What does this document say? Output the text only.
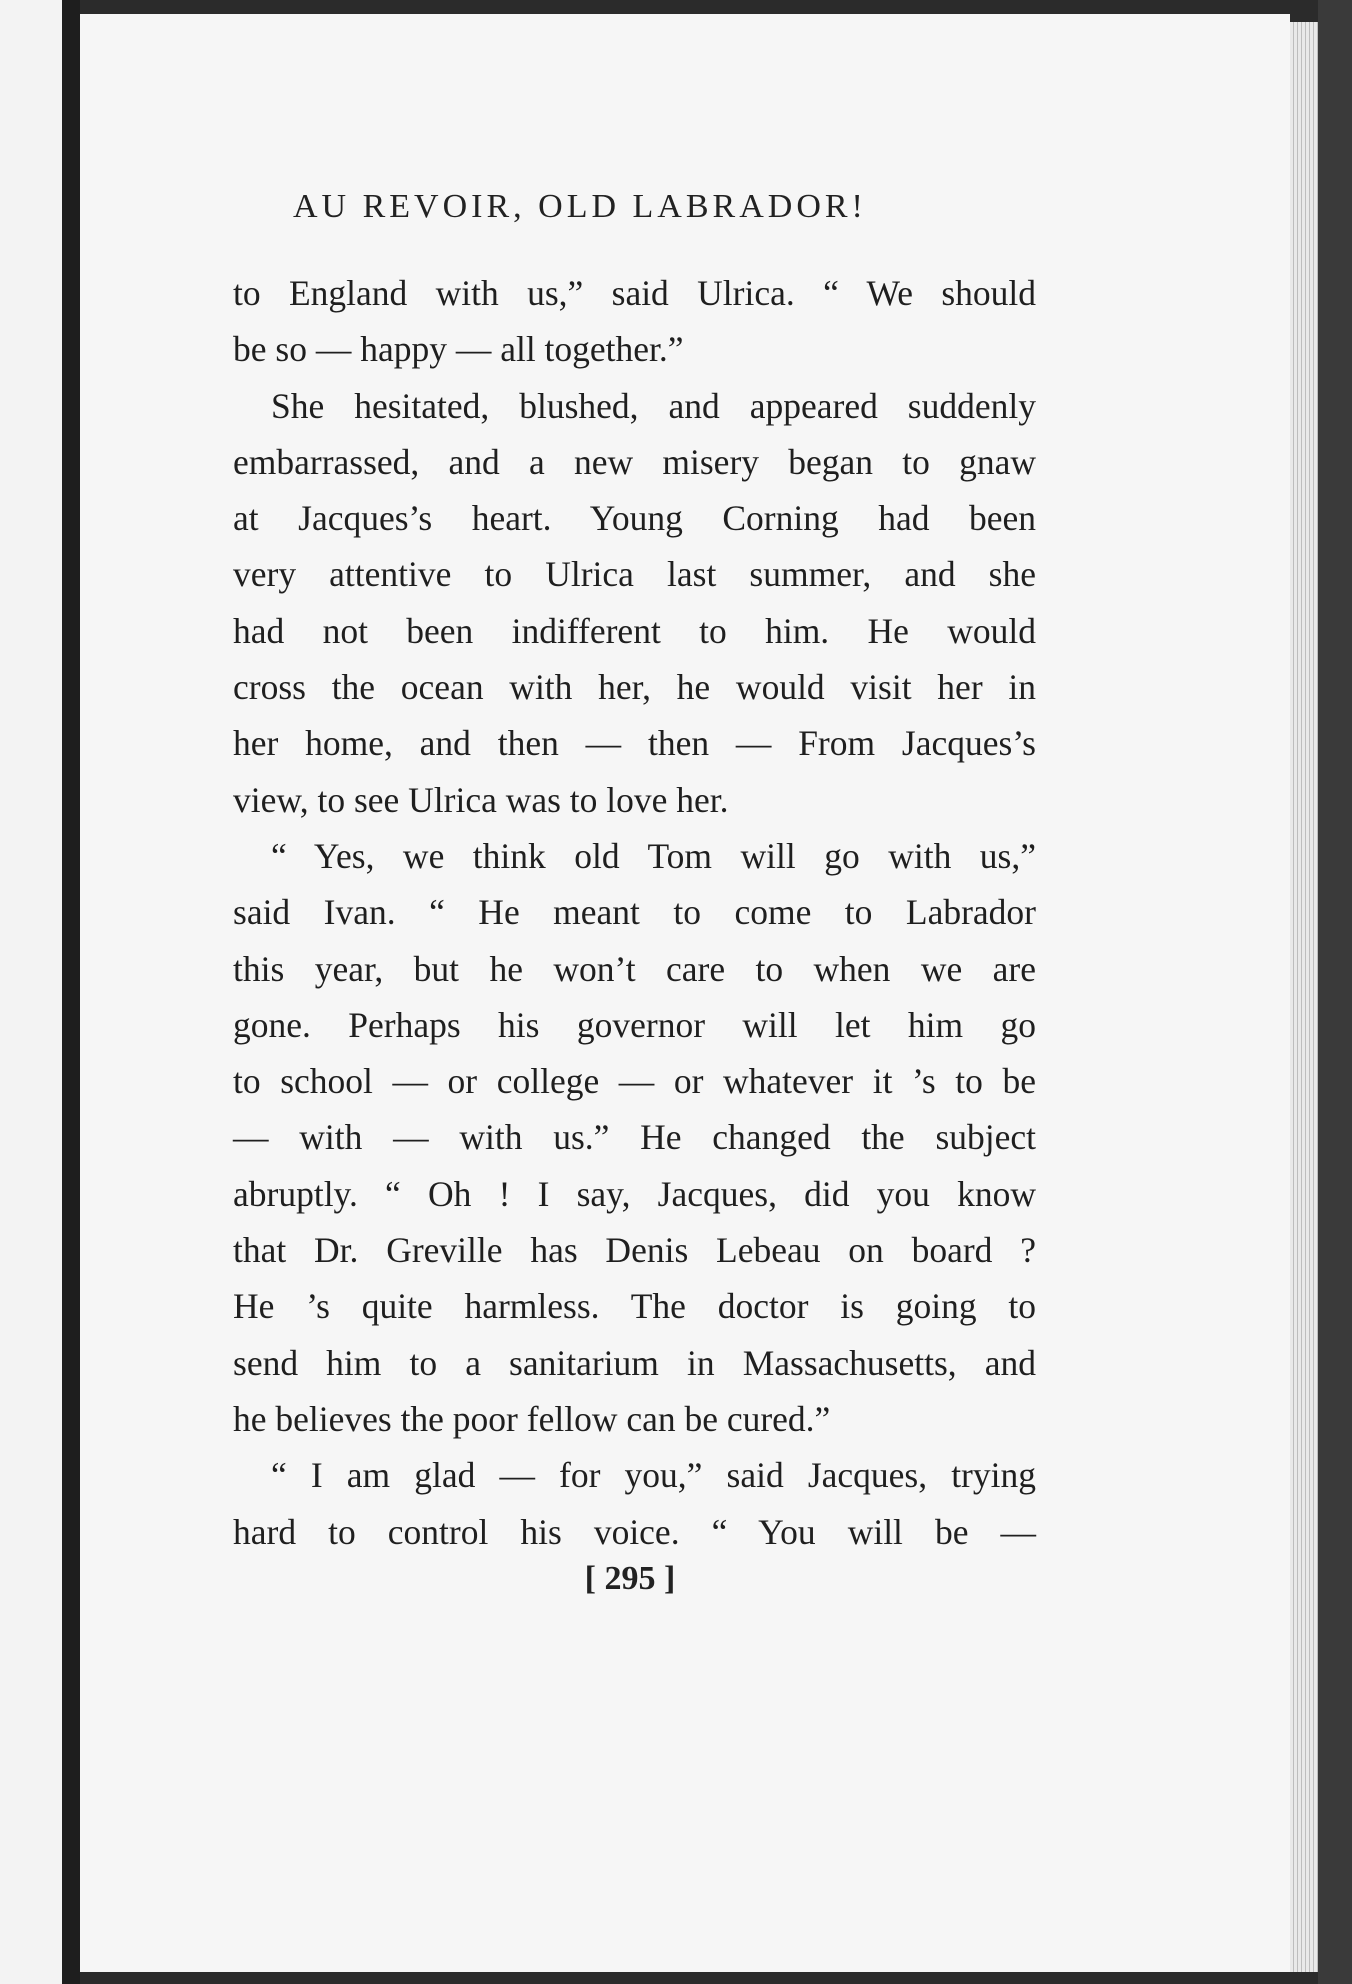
AU REVOIR, OLD LABRADOR!
to England with us,” said Ulrica. “ We should
be so — happy — all together.”
She hesitated, blushed, and appeared suddenly
embarrassed, and a new misery began to gnaw
at Jacques’s heart. Young Corning had been
very attentive to Ulrica last summer, and she
had not been indifferent to him. He would
cross the ocean with her, he would visit her in
her home, and then — then — From Jacques’s
view, to see Ulrica was to love her.
“ Yes, we think old Tom will go with us,”
said Ivan. “ He meant to come to Labrador
this year, but he won’t care to when we are
gone. Perhaps his governor will let him go
to school — or college — or whatever it ’s to be
— with — with us.” He changed the subject
abruptly. “ Oh ! I say, Jacques, did you know
that Dr. Greville has Denis Lebeau on board ?
He ’s quite harmless. The doctor is going to
send him to a sanitarium in Massachusetts, and
he believes the poor fellow can be cured.”
“ I am glad — for you,” said Jacques, trying
hard to control his voice. “ You will be —
[ 295 ]
